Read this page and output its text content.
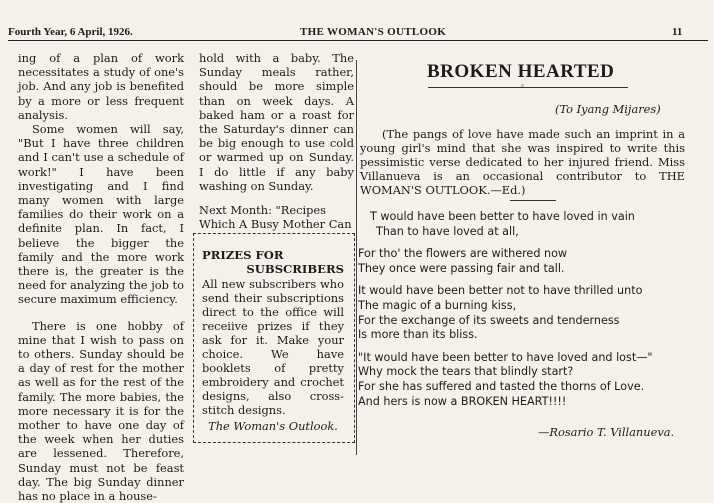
Fourth Year, 6 April, 1926.	THE WOMAN'S OUTLOOK	11

ing of a plan of work necessitates a study of one's job. And any job is benefited by a more or less frequent analysis.

Some women will say, "But I have three children and I can't use a schedule of work!" I have been investigating and I find many women with large families do their work on a definite plan. In fact, I believe the bigger the family and the more work there is, the greater is the need for analyzing the job to secure maximum efficiency.

There is one hobby of mine that I wish to pass on to others. Sunday should be a day of rest for the mother as well as for the rest of the family. The more babies, the more necessary it is for the mother to have one day of the week when her duties are lessened. Therefore, Sunday must not be feast day. The big Sunday dinner has no place in a house-

hold with a baby. The Sunday meals rather, should be more simple than on week days. A baked ham or a roast for the Saturday's dinner can be big enough to use cold or warmed up on Sunday. I do little if any baby washing on Sunday.

Next Month: "Recipes Which A Busy Mother Can

PRIZES FOR
SUBSCRIBERS
All new subscribers who send their subscriptions direct to the office will receiive prizes if they ask for it. Make your choice. We have booklets of pretty embroidery and crochet designs, also cross-stitch designs.
The Woman's Outlook.
BROKEN HEARTED
◦
(To Iyang Mijares)
(The pangs of love have made such an imprint in a young girl's mind that she was inspired to write this pessimistic verse dedicated to her injured friend. Miss Villanueva is an occasional contributor to THE WOMAN'S OUTLOOK.—Ed.)
T would have been better to have loved in vain
Than to have loved at all,
For tho' the flowers are withered now
They once were passing fair and tall.
It would have been better not to have thrilled unto
The magic of a burning kiss,
For the exchange of its sweets and tenderness
Is more than its bliss.
"It would have been better to have loved and lost—"
Why mock the tears that blindly start?
For she has suffered and tasted the thorns of Love.
And hers is now a BROKEN HEART!!!!
—Rosario T. Villanueva.
